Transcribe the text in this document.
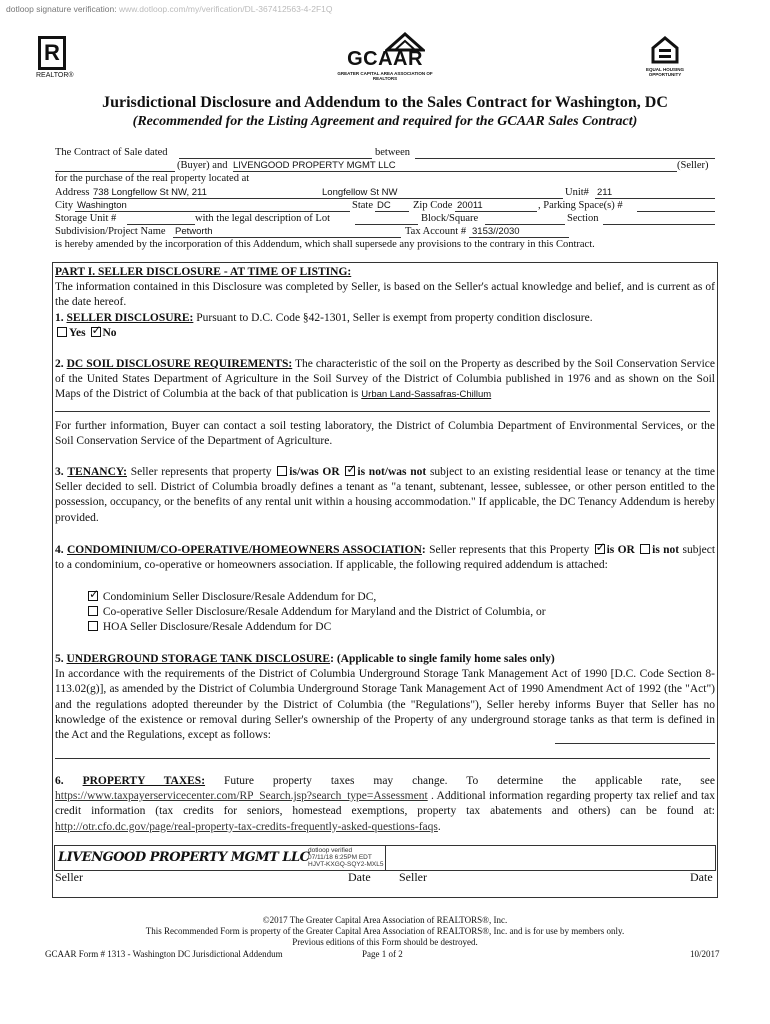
dotloop signature verification: www.dotloop.com/my/verification/DL-367412563-4-2F1Q
R
REALTOR®
GCAAR
GREATER CAPITAL AREA ASSOCIATION OF REALTORS
EQUAL HOUSING OPPORTUNITY
Jurisdictional Disclosure and Addendum to the Sales Contract for Washington, DC
(Recommended for the Listing Agreement and required for the GCAAR Sales Contract)
The Contract of Sale dated	between
(Buyer) and LIVENGOOD PROPERTY MGMT LLC	(Seller)
for the purchase of the real property located at
Address 738 Longfellow St NW, 211	Longfellow St NW	Unit# 211
City Washington	State DC Zip Code 20011	, Parking Space(s) #
Storage Unit #	with the legal description of Lot	Block/Square	Section
Subdivision/Project Name Petworth	Tax Account # 3153//2030
is hereby amended by the incorporation of this Addendum, which shall supersede any provisions to the contrary in this Contract.
PART I. SELLER DISCLOSURE - AT TIME OF LISTING:
The information contained in this Disclosure was completed by Seller, is based on the Seller's actual knowledge and belief, and is current as of the date hereof.
1. SELLER DISCLOSURE: Pursuant to D.C. Code §42-1301, Seller is exempt from property condition disclosure.
Yes ✓ No
2. DC SOIL DISCLOSURE REQUIREMENTS: The characteristic of the soil on the Property as described by the Soil Conservation Service of the United States Department of Agriculture in the Soil Survey of the District of Columbia published in 1976 and as shown on the Soil Maps of the District of Columbia at the back of that publication is Urban Land-Sassafras-Chillum
For further information, Buyer can contact a soil testing laboratory, the District of Columbia Department of Environmental Services, or the Soil Conservation Service of the Department of Agriculture.
3. TENANCY: Seller represents that property is/was OR ✓ is not/was not subject to an existing residential lease or tenancy at the time Seller decided to sell. District of Columbia broadly defines a tenant as "a tenant, subtenant, lessee, sublessee, or other person entitled to the possession, occupancy, or the benefits of any rental unit within a housing accommodation." If applicable, the DC Tenancy Addendum is hereby provided.
4. CONDOMINIUM/CO-OPERATIVE/HOMEOWNERS ASSOCIATION: Seller represents that this Property ✓ is OR is not subject to a condominium, co-operative or homeowners association. If applicable, the following required addendum is attached:
✓ Condominium Seller Disclosure/Resale Addendum for DC,
Co-operative Seller Disclosure/Resale Addendum for Maryland and the District of Columbia, or
HOA Seller Disclosure/Resale Addendum for DC
5. UNDERGROUND STORAGE TANK DISCLOSURE: (Applicable to single family home sales only)
In accordance with the requirements of the District of Columbia Underground Storage Tank Management Act of 1990 [D.C. Code Section 8-113.02(g)], as amended by the District of Columbia Underground Storage Tank Management Act of 1990 Amendment Act of 1992 (the "Act") and the regulations adopted thereunder by the District of Columbia (the "Regulations"), Seller hereby informs Buyer that Seller has no knowledge of the existence or removal during Seller's ownership of the Property of any underground storage tanks as that term is defined in the Act and the Regulations, except as follows:
6. PROPERTY TAXES: Future property taxes may change. To determine the applicable rate, see https://www.taxpayerservicecenter.com/RP_Search.jsp?search_type=Assessment . Additional information regarding property tax relief and tax credit information (tax credits for seniors, homestead exemptions, property tax abatements and others) can be found at: http://otr.cfo.dc.gov/page/real-property-tax-credits-frequently-asked-questions-faqs.
LIVENGOOD PROPERTY MGMT LLC
dotloop verified
07/11/18 6:25PM EDT
HJVT-KXGQ-SQY2-MXL5
Seller	Date Seller	Date
©2017 The Greater Capital Area Association of REALTORS®, Inc.
This Recommended Form is property of the Greater Capital Area Association of REALTORS®, Inc. and is for use by members only.
Previous editions of this Form should be destroyed.
GCAAR Form # 1313 - Washington DC Jurisdictional Addendum	Page 1 of 2	10/2017
